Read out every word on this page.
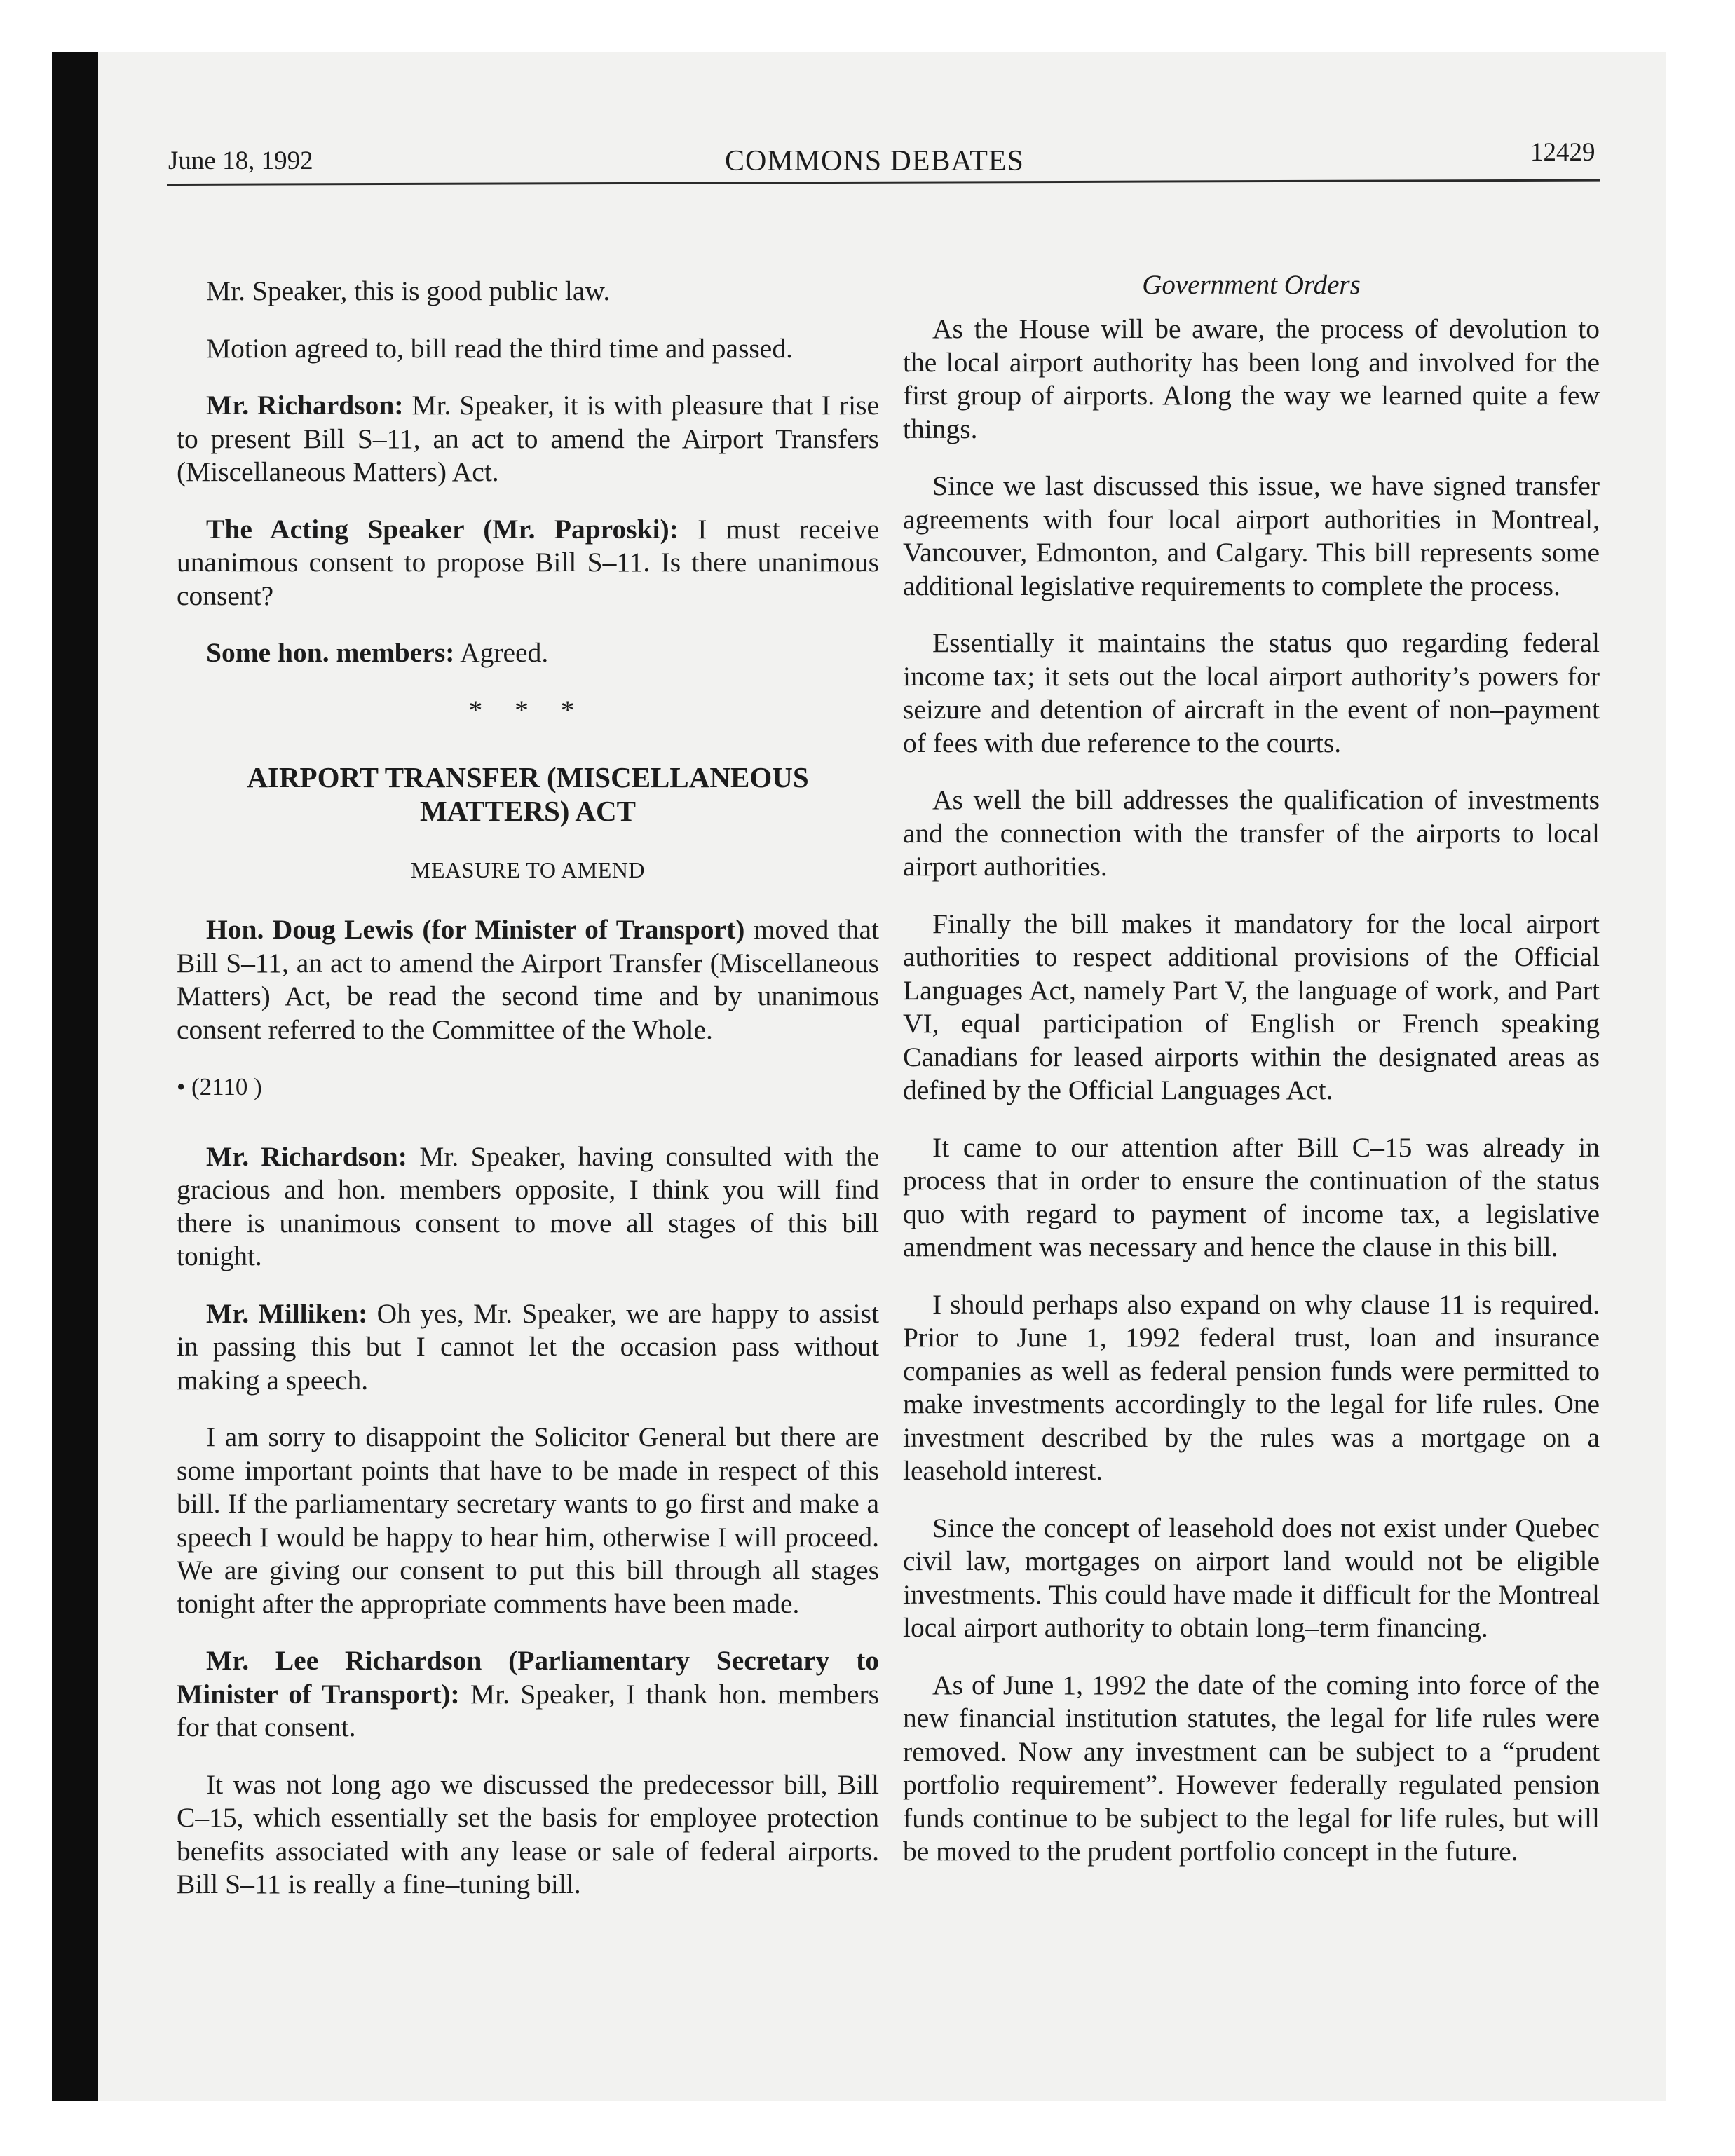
June 18, 1992	COMMONS DEBATES	12429

Mr. Speaker, this is good public law.

Motion agreed to, bill read the third time and passed.

Mr. Richardson: Mr. Speaker, it is with pleasure that I rise to present Bill S–11, an act to amend the Airport Transfers (Miscellaneous Matters) Act.

The Acting Speaker (Mr. Paproski): I must receive unanimous consent to propose Bill S–11. Is there unanimous consent?

Some hon. members: Agreed.

* * *
AIRPORT TRANSFER (MISCELLANEOUS MATTERS) ACT
MEASURE TO AMEND

Hon. Doug Lewis (for Minister of Transport) moved that Bill S–11, an act to amend the Airport Transfer (Miscellaneous Matters) Act, be read the second time and by unanimous consent referred to the Committee of the Whole.

• (2110 )

Mr. Richardson: Mr. Speaker, having consulted with the gracious and hon. members opposite, I think you will find there is unanimous consent to move all stages of this bill tonight.

Mr. Milliken: Oh yes, Mr. Speaker, we are happy to assist in passing this but I cannot let the occasion pass without making a speech.

I am sorry to disappoint the Solicitor General but there are some important points that have to be made in respect of this bill. If the parliamentary secretary wants to go first and make a speech I would be happy to hear him, otherwise I will proceed. We are giving our consent to put this bill through all stages tonight after the appropriate comments have been made.

Mr. Lee Richardson (Parliamentary Secretary to Minister of Transport): Mr. Speaker, I thank hon. members for that consent.

It was not long ago we discussed the predecessor bill, Bill C–15, which essentially set the basis for employee protection benefits associated with any lease or sale of federal airports. Bill S–11 is really a fine–tuning bill.

Government Orders

As the House will be aware, the process of devolution to the local airport authority has been long and involved for the first group of airports. Along the way we learned quite a few things.

Since we last discussed this issue, we have signed transfer agreements with four local airport authorities in Montreal, Vancouver, Edmonton, and Calgary. This bill represents some additional legislative requirements to complete the process.

Essentially it maintains the status quo regarding federal income tax; it sets out the local airport authority’s powers for seizure and detention of aircraft in the event of non–payment of fees with due reference to the courts.

As well the bill addresses the qualification of investments and the connection with the transfer of the airports to local airport authorities.

Finally the bill makes it mandatory for the local airport authorities to respect additional provisions of the Official Languages Act, namely Part V, the language of work, and Part VI, equal participation of English or French speaking Canadians for leased airports within the designated areas as defined by the Official Languages Act.

It came to our attention after Bill C–15 was already in process that in order to ensure the continuation of the status quo with regard to payment of income tax, a legislative amendment was necessary and hence the clause in this bill.

I should perhaps also expand on why clause 11 is required. Prior to June 1, 1992 federal trust, loan and insurance companies as well as federal pension funds were permitted to make investments accordingly to the legal for life rules. One investment described by the rules was a mortgage on a leasehold interest.

Since the concept of leasehold does not exist under Quebec civil law, mortgages on airport land would not be eligible investments. This could have made it difficult for the Montreal local airport authority to obtain long–term financing.

As of June 1, 1992 the date of the coming into force of the new financial institution statutes, the legal for life rules were removed. Now any investment can be subject to a “prudent portfolio requirement”. However federally regulated pension funds continue to be subject to the legal for life rules, but will be moved to the prudent portfolio concept in the future.
